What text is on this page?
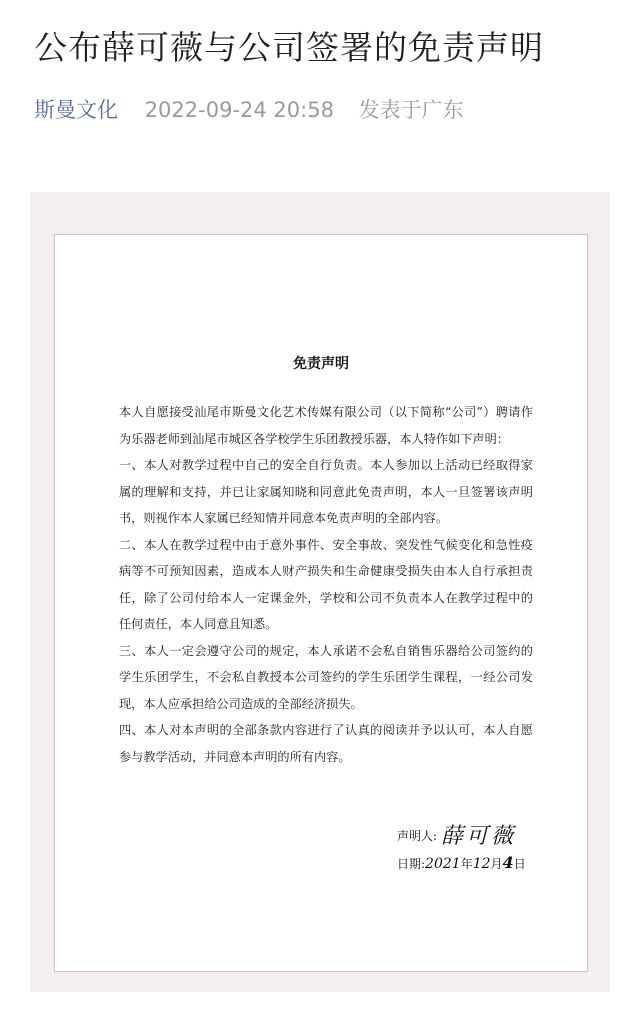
公布薛可薇与公司签署的免责声明
斯曼文化 2022-09-24 20:58 发表于广东
免责声明

本人自愿接受汕尾市斯曼文化艺术传媒有限公司（以下简称“公司”）聘请作为乐器老师到汕尾市城区各学校学生乐团教授乐器，本人特作如下声明：

一、本人对教学过程中自己的安全自行负责。本人参加以上活动已经取得家属的理解和支持，并已让家属知晓和同意此免责声明，本人一旦签署该声明书，则视作本人家属已经知情并同意本免责声明的全部内容。

二、本人在教学过程中由于意外事件、安全事故、突发性气候变化和急性疫病等不可预知因素，造成本人财产损失和生命健康受损失由本人自行承担责任，除了公司付给本人一定课金外，学校和公司不负责本人在教学过程中的任何责任，本人同意且知悉。

三、本人一定会遵守公司的规定，本人承诺不会私自销售乐器给公司签约的学生乐团学生，不会私自教授本公司签约的学生乐团学生课程，一经公司发现，本人应承担给公司造成的全部经济损失。

四、本人对本声明的全部条款内容进行了认真的阅读并予以认可，本人自愿参与教学活动，并同意本声明的所有内容。

声明人: 薛可薇
日期:2021年12月4日
